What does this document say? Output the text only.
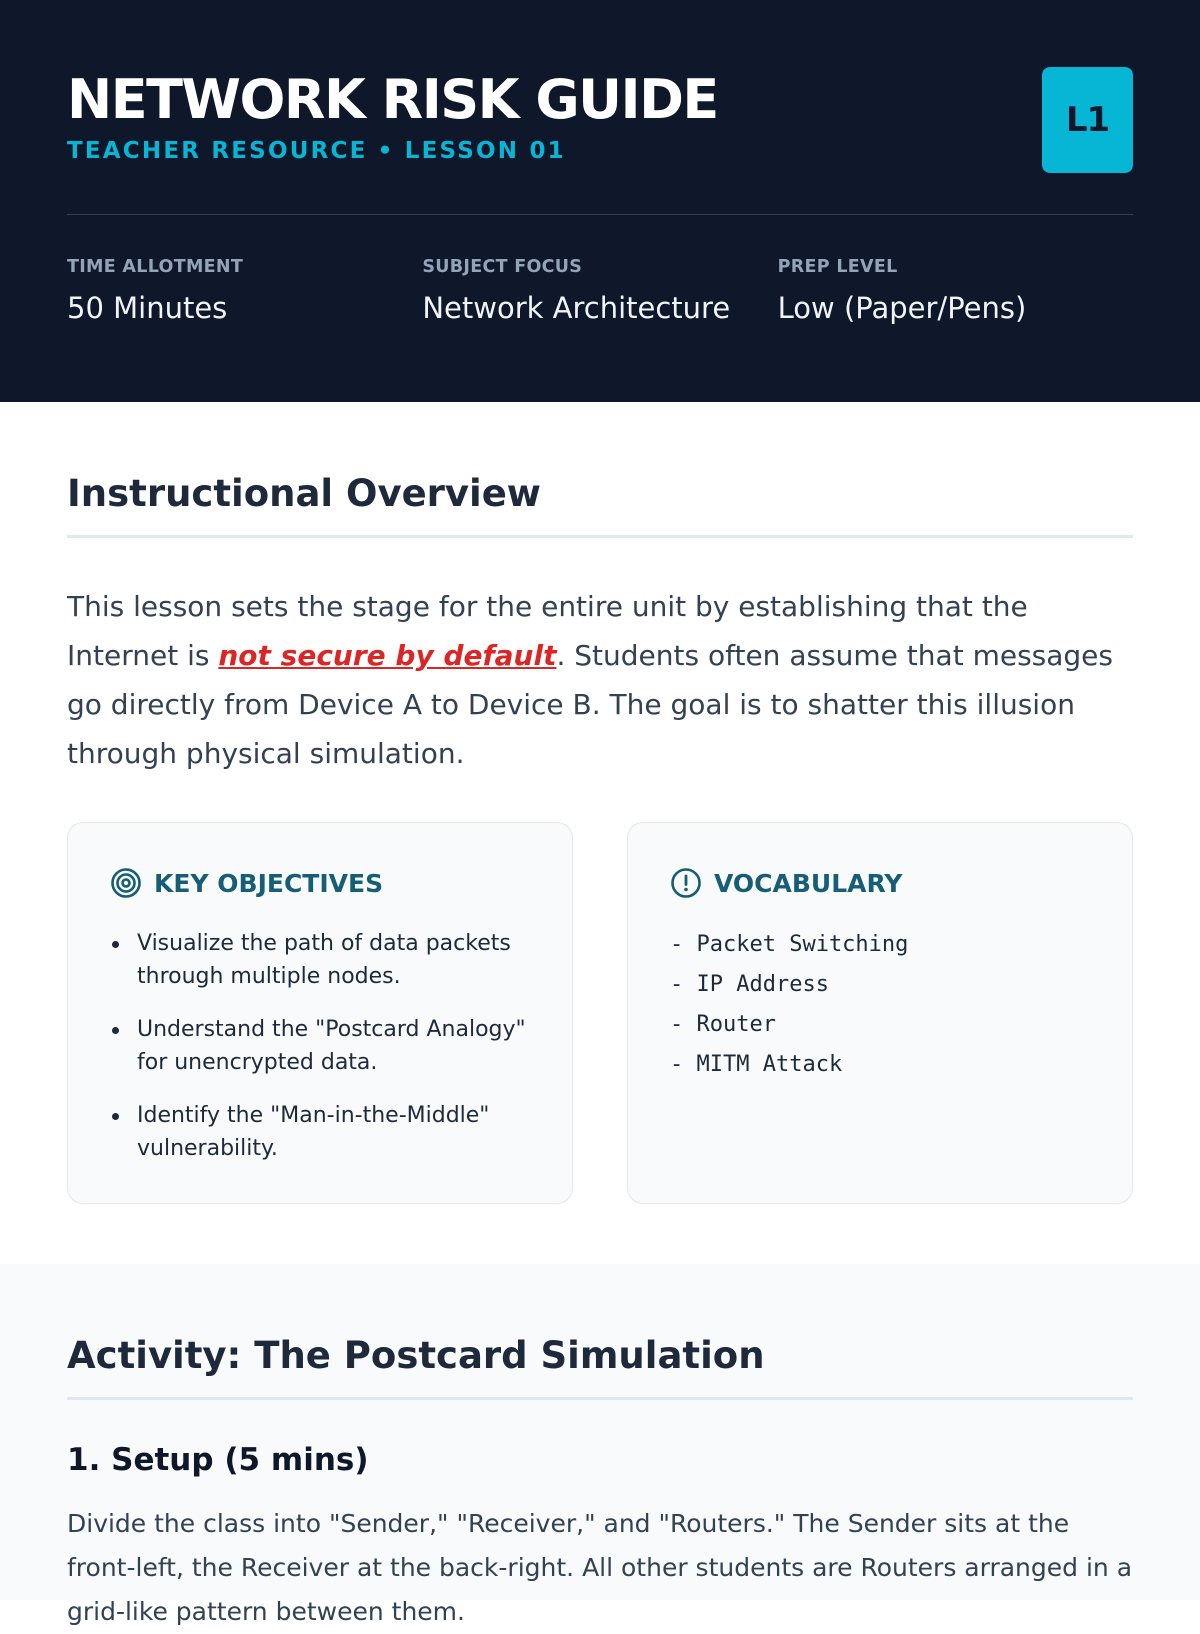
NETWORK RISK GUIDE
TEACHER RESOURCE • LESSON 01
L1
TIME ALLOTMENT
50 Minutes
SUBJECT FOCUS
Network Architecture
PREP LEVEL
Low (Paper/Pens)
Instructional Overview

This lesson sets the stage for the entire unit by establishing that the Internet is not secure by default. Students often assume that messages go directly from Device A to Device B. The goal is to shatter this illusion through physical simulation.

KEY OBJECTIVES
Visualize the path of data packets through multiple nodes.
Understand the "Postcard Analogy" for unencrypted data.
Identify the "Man-in-the-Middle" vulnerability.
VOCABULARY
- Packet Switching
- IP Address
- Router
- MITM Attack
Activity: The Postcard Simulation
1. Setup (5 mins)

Divide the class into "Sender," "Receiver," and "Routers." The Sender sits at the front-left, the Receiver at the back-right. All other students are Routers arranged in a grid-like pattern between them.
